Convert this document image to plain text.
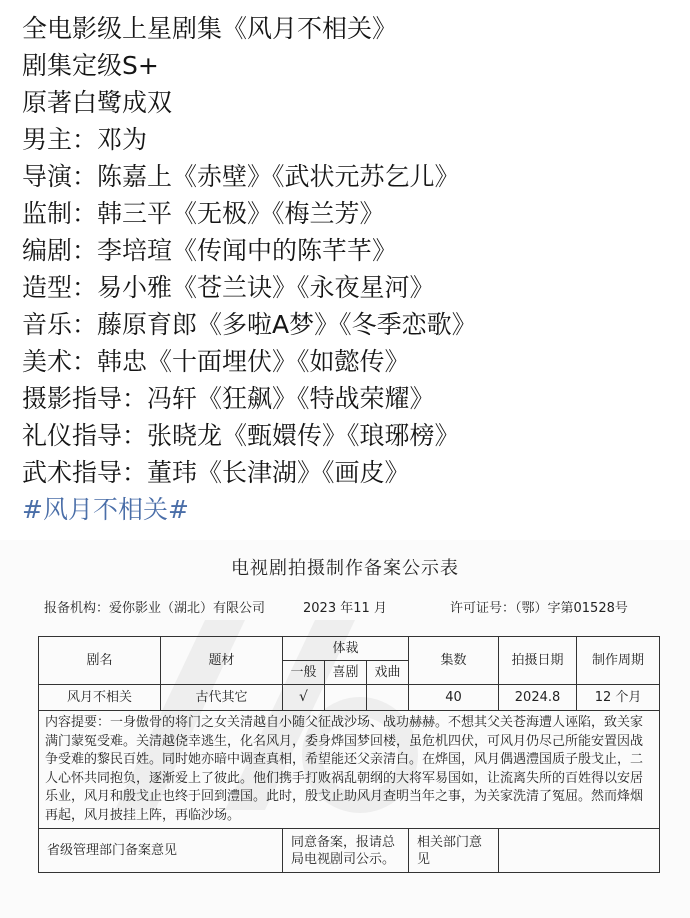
全电影级上星剧集《风月不相关》
剧集定级S+
原著白鹭成双
男主：邓为
导演：陈嘉上《赤壁》《武状元苏乞儿》
监制：韩三平《无极》《梅兰芳》
编剧：李培瑄《传闻中的陈芊芊》
造型：易小雅《苍兰诀》《永夜星河》
音乐：藤原育郎《多啦A梦》《冬季恋歌》
美术：韩忠《十面埋伏》《如懿传》
摄影指导：冯轩《狂飙》《特战荣耀》
礼仪指导：张晓龙《甄嬛传》《琅琊榜》
武术指导：董玮《长津湖》《画皮》
#风月不相关#
电视剧拍摄制作备案公示表
报备机构：爱你影业（湖北）有限公司	2023 年11 月	许可证号：（鄂）字第01528号
剧名	题材	体裁			集数	拍摄日期	制作周期
		一般	喜剧	戏曲			
风月不相关	古代其它	√			40	2024.8	12 个月
内容提要：一身傲骨的将门之女关清越自小随父征战沙场、战功赫赫。不想其父关苍海遭人诬陷，致关家满门蒙冤受难。关清越侥幸逃生，化名风月，委身烨国梦回楼，虽危机四伏，可风月仍尽己所能安置因战争受难的黎民百姓。同时她亦暗中调查真相，希望能还父亲清白。在烨国，风月偶遇澧国质子殷戈止，二人心怀共同抱负，逐渐爱上了彼此。他们携手打败祸乱朝纲的大将军易国如，让流离失所的百姓得以安居乐业，风月和殷戈止也终于回到澧国。此时，殷戈止助风月查明当年之事，为关家洗清了冤屈。然而烽烟再起，风月披挂上阵，再临沙场。							
省级管理部门备案意见		同意备案，报请总局电视剧司公示。			相关部门意见		
